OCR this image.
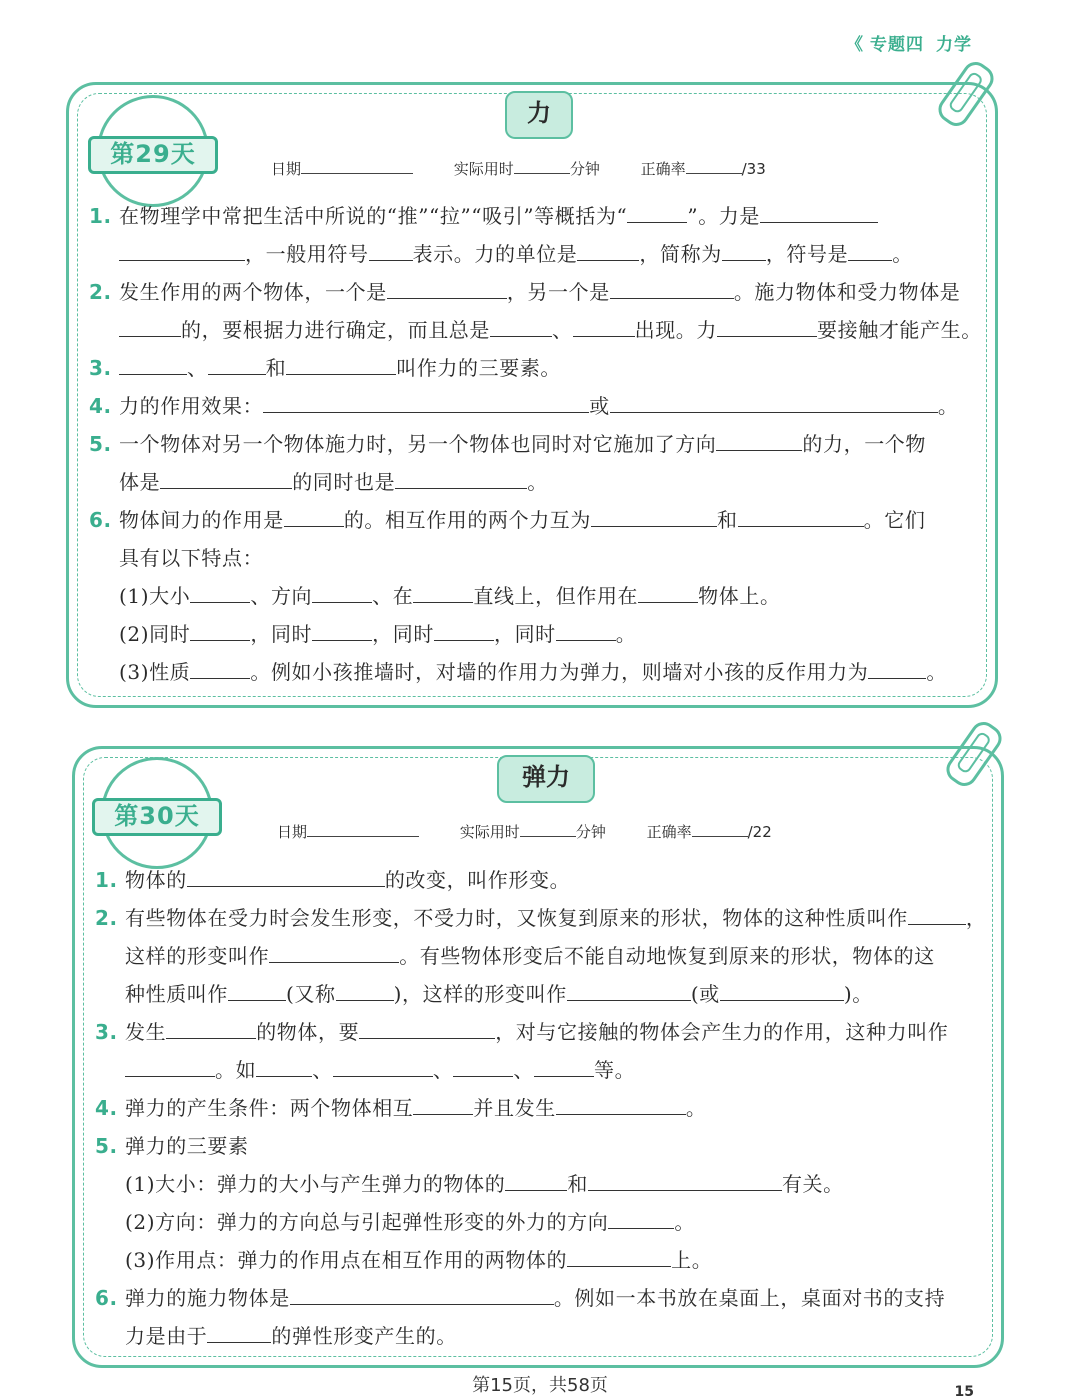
《 专题四 力学
力
第29天
日期	实际用时	分钟	正确率	/33
1. 在物理学中常把生活中所说的“推”“拉”“吸引”等概括为“	”。力是
，一般用符号 表示。力的单位是	，简称为 ，符号是 。
2. 发生作用的两个物体，一个是	，另一个是	。施力物体和受力物体是
的，要根据力进行确定，而且总是	、	出现。力	要接触才能产生。
3.	、	和	叫作力的三要素。
4. 力的作用效果：	或	。
5. 一个物体对另一个物体施力时，另一个物体也同时对它施加了方向	的力，一个物
体是	的同时也是	。
6. 物体间力的作用是	的。相互作用的两个力互为	和	。它们
具有以下特点：
(1)大小	、方向	、在	直线上，但作用在	物体上。
(2)同时	，同时	，同时	，同时	。
(3)性质	。例如小孩推墙时，对墙的作用力为弹力，则墙对小孩的反作用力为	。
弹力
第30天
日期	实际用时	分钟	正确率	/22
1. 物体的	的改变，叫作形变。
2. 有些物体在受力时会发生形变，不受力时，又恢复到原来的形状，物体的这种性质叫作	，
这样的形变叫作	。有些物体形变后不能自动地恢复到原来的形状，物体的这
种性质叫作	(又称	)，这样的形变叫作	(或	)。
3. 发生	的物体，要	，对与它接触的物体会产生力的作用，这种力叫作
。如	、	、	、	等。
4. 弹力的产生条件：两个物体相互	并且发生	。
5. 弹力的三要素
(1)大小：弹力的大小与产生弹力的物体的	和	有关。
(2)方向：弹力的方向总与引起弹性形变的外力的方向	。
(3)作用点：弹力的作用点在相互作用的两物体的	上。
6. 弹力的施力物体是	。例如一本书放在桌面上，桌面对书的支持
力是由于	的弹性形变产生的。
第15页，共58页	15
